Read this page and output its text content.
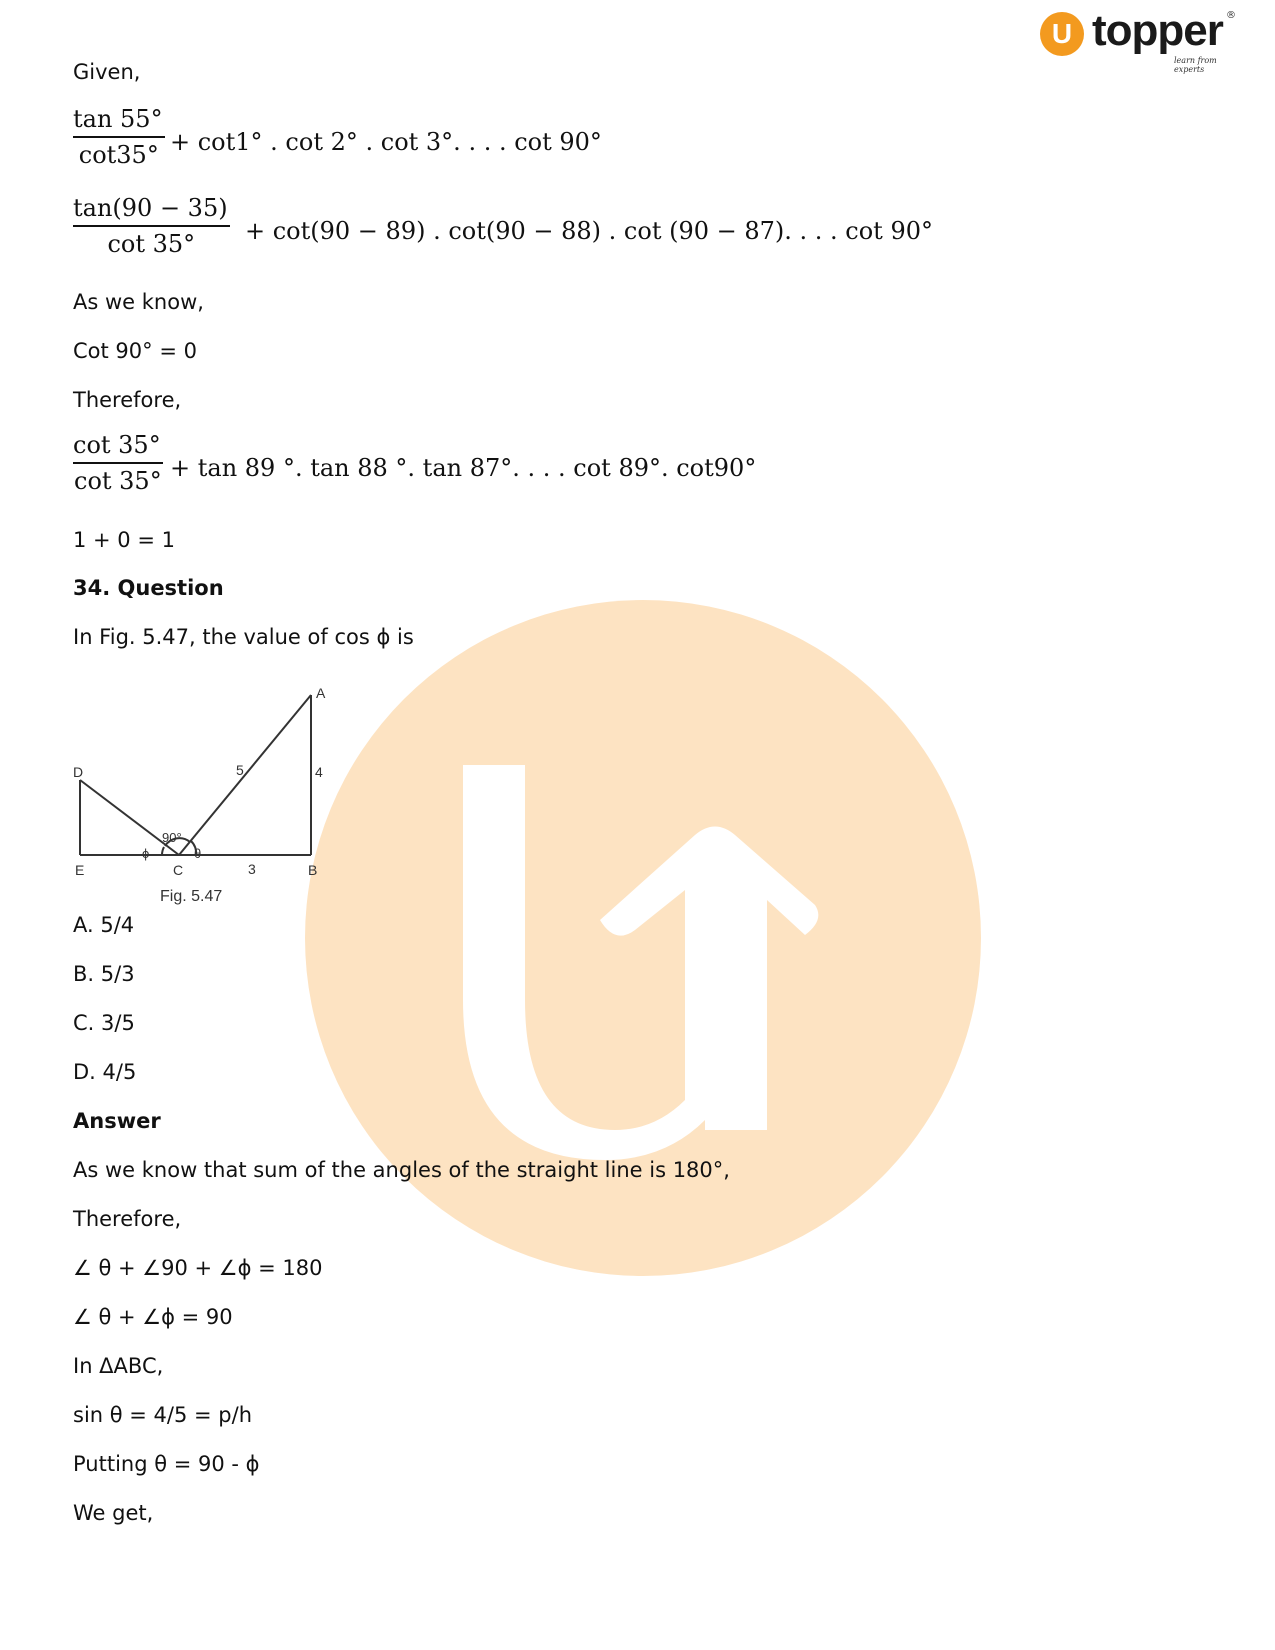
U topper ®
learn from experts
Given,
$\frac{\tan 55^\circ}{\cot 35^\circ} + \cot 1^\circ$ . cot 2° . cot 3°. . . . cot 90°
$\frac{\tan(90 - 35)}{\cot 35^\circ} + \cot(90 - 89)$ . cot(90 − 88) . cot (90 − 87). . . . cot 90°
As we know,
Cot 90° = 0
Therefore,
$\frac{\cot 35^\circ}{\cot 35^\circ} + \tan 89$ °. tan 88 °. tan 87°. . . . cot 89°. cot90°
1 + 0 = 1
34. Question
In Fig. 5.47, the value of cos ϕ is
A
B
C
D
E
5	4
3
90°
ϕ	θ
Fig. 5.47
A. 5/4
B. 5/3
C. 3/5
D. 4/5
Answer
As we know that sum of the angles of the straight line is 180°,
Therefore,
∠ θ + ∠90 + ∠ϕ = 180
∠ θ + ∠ϕ = 90
In ΔABC,
sin θ = 4/5 = p/h
Putting θ = 90 - ϕ
We get,
